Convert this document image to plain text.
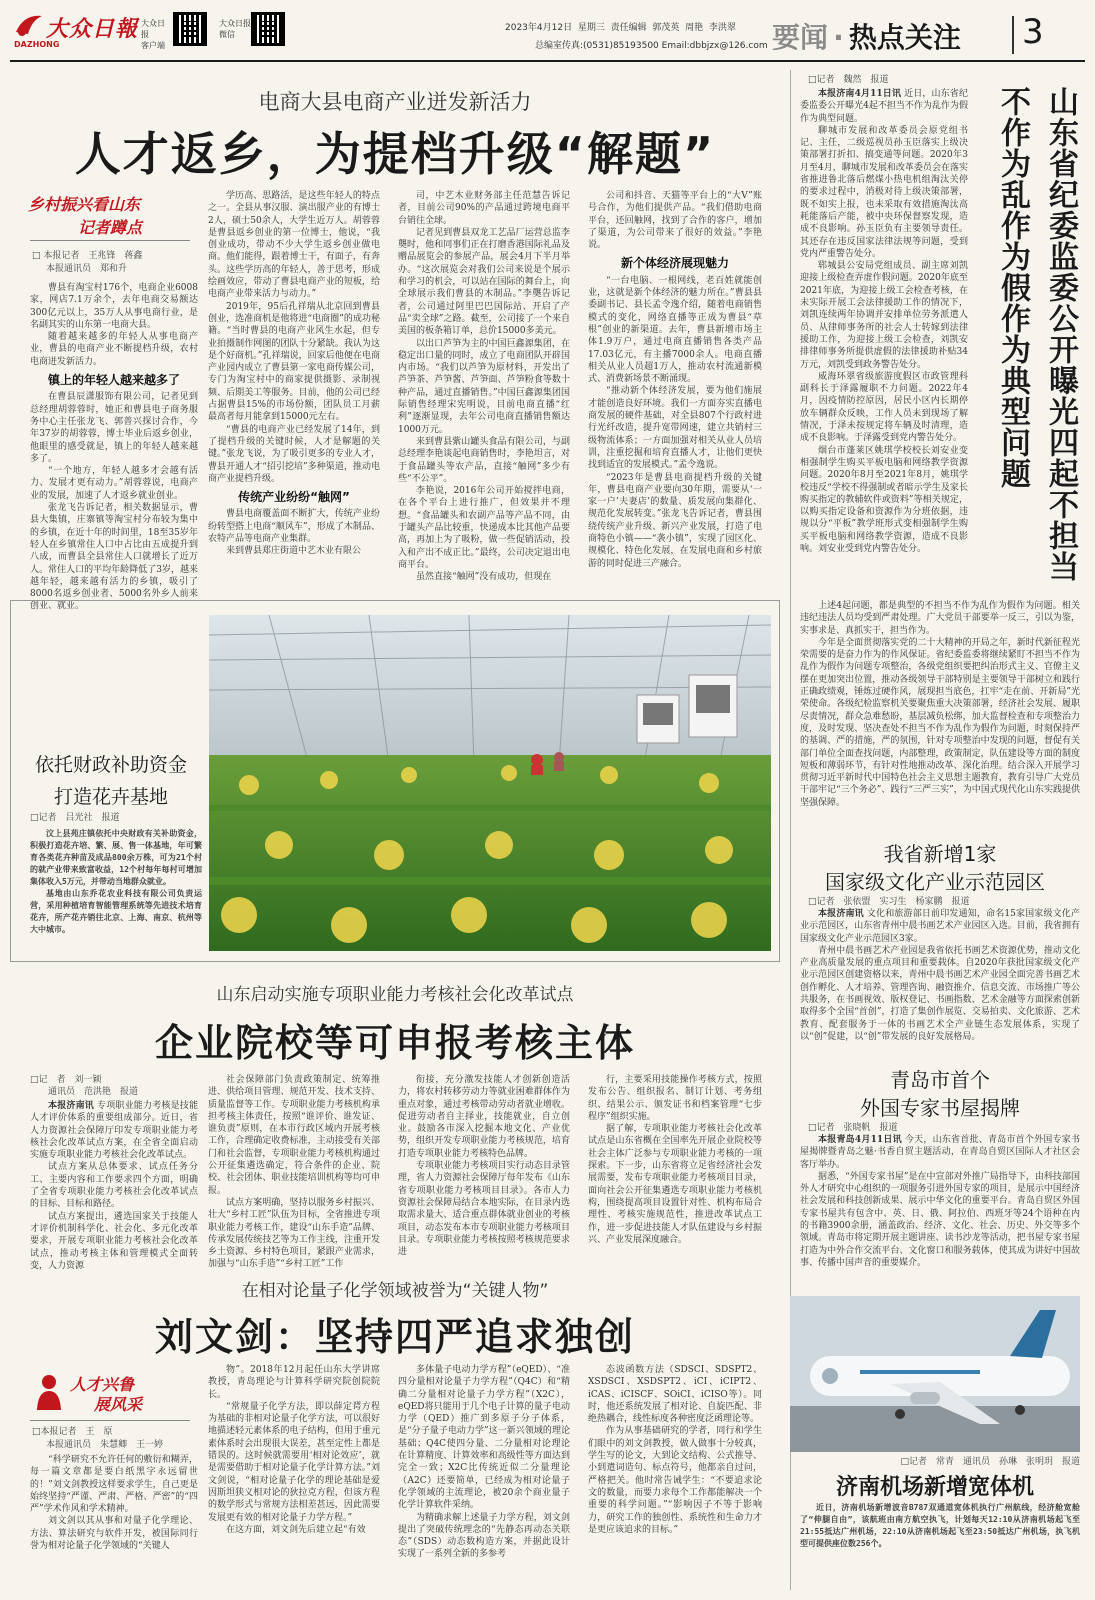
大众日報
DAZHONG
大众日报
客户端
大众日报
微信
2023年4月12日 星期三 责任编辑 郭茂英 周艳 李洪翠
总编室传真:(0531)85193500 Email:dbbjzx@126.com 要闻 · 热点关注 3
电商大县电商产业迸发新活力
人才返乡，为提档升级“解题”
乡村振兴看山东
记者蹲点
□ 本报记者　王兆锋　蒋鑫
本报通讯员　郑和升

曹县有淘宝村176个，电商企业6008家，网店7.1万余个，去年电商交易额达300亿元以上，35万人从事电商行业，是名副其实的山东第一电商大县。

随着越来越多的年轻人从事电商产业，曹县的电商产业不断提档升级，农村电商迸发新活力。

镇上的年轻人越来越多了

在曹县辰潇服饰有限公司，记者见到总经理胡蓉蓉时，她正和曹县电子商务服务中心主任张龙飞、郭普兴探讨合作，今年37岁的胡蓉蓉，博士毕业后返乡创业，他眼里的感受就是，镇上的年轻人越来越多了。

“一个地方，年轻人越多才会越有活力、发展才更有动力。”胡蓉蓉说，电商产业的发展，加速了人才返乡就业创业。

张龙飞告诉记者，相关数据显示，曹县大集镇，庄寨镇等淘宝村分布较为集中的乡镇，在近十年的时间里，18至35岁年轻人在乡镇常住人口中占比由五成提升到八成，而曹县全县常住人口就增长了近万人。常住人口的平均年龄降低了3岁，越来越年轻，越来越有活力的乡镇，吸引了8000名返乡创业者、5000名外乡人前来创业、就业。

学历高、思路活，是这些年轻人的特点之一。全县从事汉服、演出服产业的有博士2人，硕士50余人，大学生近万人。胡蓉蓉是曹县返乡创业的第一位博士，他说，“我创业成功，带动不少大学生返乡创业做电商。他们能得，跟着博士干，有面子，有奔头。这些学历高的年轻人，善于思考，形成绘画效应，带动了曹县电商产业的短板，给电商产业带来活力与动力。”

2019年，95后孔祥瑞从北京回到曹县创业，选准商机是他将进“电商圈”的成功秘籍。“当时曹县的电商产业风生水起，但专业拍摄制作网图的团队十分紧缺。我认为这是个好商机。”孔祥瑞说，回家后他便在电商产业园内成立了曹县第一家电商传媒公司，专门为淘宝村中的商家提供摄影、录制视频、后期美工等服务。目前，他的公司已经占据曹县15%的市场份额，团队员工月薪最高者每月能拿到15000元左右。

“曹县的电商产业已经发展了14年，到了提档升级的关键时候，人才是解题的关键。”张龙飞说，为了吸引更多的专业人才，曹县开通人才“招引挖培”多种渠道，推动电商产业提档升级。

传统产业纷纷“触网”

曹县电商覆盖面不断扩大，传统产业纷纷转型搭上电商“顺风车”，形成了木制品、农特产品等电商产业集群。

来到曹县郑庄街道中艺木业有限公

司，中艺木业财务部主任范慧告诉记者，目前公司90%的产品通过跨境电商平台销往全球。

记者见到曹县双龙工艺品厂运营总监李龑时，他和同事们正在打磨香港国际礼品及赠品展览会的参展产品，展会4月下半月举办。“这次展览会对我们公司来说是个展示和学习的机会，可以站在国际的舞台上，向全球展示我们曹县的木制品。”李龑告诉记者，公司通过阿里巴巴国际站、开启了产品“卖全球”之路。截至，公司接了一个来自美国的板条箱订单，总价15000多美元。

以出口芦笋为主的中国巨鑫源集团，在稳定出口量的同时，成立了电商团队开辟国内市场。“我们以芦笋为原材料，开发出了芦笋茶、芦笋酱、芦笋面、芦笋粉食等数十种产品，通过直播销售。”中国巨鑫源集团国际销售经理宋宪明说，目前电商直播“红利”逐渐显现，去年公司电商直播销售额达1000万元。

来到曹县紫山罐头食品有限公司，与副总经理李艳谈起电商销售时，李艳坦言，对于食品罐头等农产品，直接“触网”多少有些“不公平”。

李艳说，2016年公司开始搅拌电商，在各个平台上进行推广，但效果并不理想。“食品罐头和农副产品等产品不同，由于罐头产品比较重，快递成本比其他产品要高，再加上为了吸粉，做一些促销活动，投入和产出不成正比。”最终，公司决定退出电商平台。

虽然直接“触网”没有成功，但现在

公司和抖音、天猫等平台上的“大V”账号合作，为他们提供产品。“我们借助电商平台，还回触网，找到了合作的客户，增加了渠道，为公司带来了很好的效益。”李艳说。

新个体经济展现魅力

“一台电脑、一根网线，老百姓就能创业，这就是新个体经济的魅力所在。”曹县县委副书记、县长孟令逸介绍，随着电商销售模式的变化，网络直播等正成为曹县“草根”创业的新渠道。去年，曹县新增市场主体1.9万户，通过电商直播销售各类产品17.03亿元，有主播7000余人。电商直播相关从业人员超1万人，推动农村流通新模式、消费新场景不断涌现。

“推动新个体经济发展，要为他们施展才能创造良好环境。我们一方面夯实直播电商发展的硬件基础，对全县807个行政村进行光纤改造，提升宽带网速，建立共销村三级物流体系；一方面加强对相关从业人员培训，注重挖掘和培育直播人才，让他们更快找到适宜的发展模式。”孟令逸说。

“2023年是曹县电商提档升级的关键年，曹县电商产业要向30年期，需要从‘一家一户’夫妻店’的数量、质发展向集群化、规范化发展转变。”张龙飞告诉记者，曹县围绕传统产业升级、新兴产业发展，打造了电商特色小镇——“袭小镇”，实现了园区化、规模化、特色化发展，在发展电商和乡村旅游的同时促进三产融合。

依托财政补助资金
打造花卉基地
□记者　吕光社　报道

汶上县苑庄镇依托中央财政有关补助资金，积极打造花卉培、繁、展、售一体基地，年可繁育各类花卉种苗及成品800余万株，可为21个村的就产业带来致富收益，12个村每年每村可增加集体收入5万元，并带动当地群众就业。

基地由山东乔花农业科技有限公司负责运营，采用种植培育智能管理系统等先进技术培育花卉，所产花卉销往北京、上海、南京、杭州等大中城市。

山东启动实施专项职业能力考核社会化改革试点
企业院校等可申报考核主体
□记　者　刘一颖
通讯员　范洪艳　报道

本报济南讯 专项职业能力考核是技能人才评价体系的重要组成部分。近日，省人力资源社会保障厅印发专项职业能力考核社会化改革试点方案，在全省全面启动实施专项职业能力考核社会化改革试点。

试点方案从总体要求、试点任务分工、主要内容和工作要求四个方面，明确了全省专项职业能力考核社会化改革试点的目标、目标和路径。

试点方案提出，遴选国家关于技能人才评价机制科学化、社会化、多元化改革要求，开展专项职业能力考核社会化改革试点，推动考核主体和管理模式全面转变，人力资源

社会保障部门负责政策制定、统筹推进、供给项目管理、规范开发、技术支持、质量监督等工作。专项职业能力考核机构承担考核主体责任，按照“谁评价、谁发证、谁负责”原则，在本市行政区域内开展考核工作，合理确定收费标准，主动接受有关部门和社会监督，专项职业能力考核机构通过公开征集遴选确定，符合条件的企业、院校、社会团体、职业技能培训机构等均可申报。

试点方案明确，坚持以服务乡村振兴、壮大“乡村工匠”队伍为目标，全省推进专项职业能力考核工作，建设“山东手造”品牌、传承发展传统技艺等为工作主线，注重开发乡土资源、乡村特色项目，紧跟产业需求，加强与“山东手造”“乡村工匠”工作

衔接，充分激发技能人才创新创造活力，将农村转移劳动力等就业困难群体作为重点对象，通过考核带动劳动者就业增收。促进劳动者自主择业，技能就业，自立创业。鼓励各市深入挖掘本地文化、产业优势，组织开发专项职业能力考核规范，培育打造专项职业能力考核特色品牌。

专项职业能力考核项目实行动态目录管理，省人力资源社会保障厅每年发布《山东省专项职业能力考核项目目录》。各市人力资源社会保障局结合本地实际，在目录内选取需求量大、适合重点群体就业创业的考核项目，动态发布本市专项职业能力考核项目目录。专项职业能力考核按照考核规范要求进

行，主要采用技能操作考核方式，按照发布公告、组织报名、制订计划、考务组织、结果公示、颁发证书和档案管理“七步程序”组织实施。

据了解，专项职业能力考核社会化改革试点是山东省概在全国率先开展企业院校等社会主体广泛参与专项职业能力考核的一项探索。下一步，山东省将立足省经济社会发展需要，发布专项职业能力考核项目目录，面向社会公开征集遴选专项职业能力考核机构，围绕提高项目设置针对性、机构布局合理性、考核实施规范性，推进改革试点工作，进一步促进技能人才队伍建设与乡村振兴、产业发展深度融合。

在相对论量子化学领域被誉为“关键人物”
刘文剑：坚持四严追求独创
人才兴鲁
展风采
□本报记者　王　原
本报通讯员　朱慧卿　王一婷

“科学研究不允许任何的敷衍和糊弄，每一篇文章都是要白纸黑字永远留世的！”刘文剑教授这样要求学生，自己更是始终坚持“严谨、严肃、严格、严密”的“四严”学术作风和学术精神。

刘文剑以其从事和对量子化学理论、方法、算法研究与软件开发，被国际同行誉为相对论量子化学领域的“关键人

物”。2018年12月起任山东大学讲席教授，青岛理论与计算科学研究院创院院长。

“常规量子化学方法，即以薛定谔方程为基础的非相对论量子化学方法，可以很好地描述轻元素体系的电子结构，但用于重元素体系时会出现很大误差，甚至定性上都是错误的。这时候就需要用‘相对论效应’，就是需要借助于相对论量子化学计算方法。”刘文剑说，“相对论量子化学的理论基础是爱因斯坦狭义相对论的狄拉克方程，但该方程的数学形式与常规方法相差甚远，因此需要发展更有效的相对论量子力学方程。”

在这方面，刘文剑先后建立起“有效

多体量子电动力学方程”（eQED）、“准四分量相对论量子力学方程”（Q4C）和“精确二分量相对论量子力学方程”（X2C），eQED将只能用于几个电子计算的量子电动力学（QED）推广到多原子分子体系，是“分子量子电动力学”这一新兴领域的理论基础；Q4C使四分量、二分量相对论理论在计算精度、计算效率和高级性等方面达到完全一致；X2C比传统近似二分量理论（A2C）还要简单，已经成为相对论量子化学领域的主流理论，被20余个商业量子化学计算软件采纳。

为精确求解上述量子力学方程，刘文剑提出了突破传统理念的“先静态再动态关联态”（SDS）动态数构造方案，并据此设计实现了一系列全新的多参考

态波函数方法（SDSCI、SDSPT2、XSDSCI、XSDSPT2、iCI、iCIPT2、iCAS、iCISCF、SOiCI、iCISO等）。同时，他还系统发展了相对论、自旋匹配、非绝热耦合，线性标度各种密度泛函理论等。

作为从事基础研究的学者，同行和学生们眼中的刘文剑教授，做人做事十分较真，学生写的论文，大到论文结构、公式推导、小到遣词造句、标点符号，他都亲自过问，严格把关。他时常告诫学生：“不要追求论文的数量，而要力求每个工作都能解决一个重要的科学问题。”“影响因子不等于影响力，研究工作的独创性、系统性和生命力才是更应该追求的目标。”

□记者　魏然　报道
山东省纪委监委公开曝光四起不担当不作为乱作为假作为典型问题

本报济南4月11日讯 近日，山东省纪委监委公开曝光4起不担当不作为乱作为假作为典型问题。

聊城市发展和改革委员会原党组书记、主任，二级巡视员孙玉臣落实上级决策部署打折扣、搞变通等问题。2020年3月至4月，聊城市发展和改革委员会在落实省推进鲁北落后燃煤小热电机组淘汰关停的要求过程中，消极对待上级决策部署，既不如实上报，也未采取有效措施淘汰高耗能落后产能，被中央环保督察发现，造成不良影响。孙玉臣负有主要领导责任。其还存在违反国家法律法规等问题，受到党内严重警告处分。

郓城县公安局党组成员、副主席刘凯迎接上级检查弄虚作假问题。2020年底至2021年底，为迎接上级工会检查考核，在未实际开展工会法律援助工作的情况下，刘凯连续两年协调并安排单位劳务派遣人员、从律师事务所的社会人士转嫁到法律援助工作，为迎接上级工会检查，刘凯安排律师事务所提供虚假的法律援助补贴34万元，刘凯受到政务警告处分。

威海环翠省级旅游度假区市政管理科副科长于泽露履职不力问题。2022年4月，因疫情防控原因，居民小区内长期停放车辆群众反映，工作人员未到现场了解情况，于泽未按规定将车辆及时清理，造成不良影响。于泽露受到党内警告处分。

烟台市蓬莱区姚琪学校校长刘安业变相强制学生购买平板电脑和网络教学资源问题。2020年8月至2021年8月，姚琪学校违反“学校不得强制或者暗示学生及家长购买指定的教辅软件或资料”等相关规定，以购买指定设备和资源作为分班依据，违规以分“平板”教学班形式变相强制学生购买平板电脑和网络教学资源，造成不良影响。刘安业受到党内警告处分。

上述4起问题，都是典型的不担当不作为乱作为假作为问题。相关违纪违法人员均受到严肃处理。广大党员干部要举一反三，引以为鉴，实事求是、真抓实干，担当作为。

今年是全面贯彻落实党的二十大精神的开局之年，新时代新征程光荣需要的是奋力作为的作风保证。省纪委监委将继续紧盯不担当不作为乱作为假作为问题专项整治，各级党组织要把纠治形式主义、官僚主义摆在更加突出位置，推动各级领导干部特别是主要领导干部树立和践行正确政绩观，锤炼过硬作风，展现担当底色，扛牢“走在前、开新局”光荣使命。各级纪检监察机关要聚焦重大决策部署，经济社会发展、履职尽责情况，群众急难愁盼，基层减负松绑，加大监督检查和专项整治力度，及时发现、坚决查处不担当不作为乱作为假作为问题，时刻保持严的基调、严的措施，严的氛围，针对专项整治中发现的问题，督促有关部门单位全面查找问题，内部整理，政策制定，队伍建设等方面的制度短板和薄弱环节，有针对性地推动改革、深化治理。结合深入开展学习贯彻习近平新时代中国特色社会主义思想主题教育，教育引导广大党员干部牢记“三个务必”、践行“三严三实”，为中国式现代化山东实践提供坚强保障。

我省新增1家
国家级文化产业示范园区
□记者　张依盟　实习生　杨家鹏　报道

本报济南讯 文化和旅游部日前印发通知，命名15家国家级文化产业示范园区，山东省青州中晨书画艺术产业园区入选。目前，我省拥有国家级文化产业示范园区3家。

青州中晨书画艺术产业园是我省依托书画艺术资源优势，推动文化产业高质量发展的重点项目和重要载体。自2020年获批国家级文化产业示范园区创建资格以来，青州中晨书画艺术产业园全面完善书画艺术创作孵化、人才培养、管理咨询、融资推介、信息交流、市场推广等公共服务，在书画视效、版权登记、书画指数、艺术金融等方面探索创新取得多个全国“首创”，打造了集创作展览、交易拍卖、文化旅游、艺术教育、配套服务于一体的书画艺术全产业链生态发展体系，实现了以“创”促建，以“创”带发展的良好发展格局。

青岛市首个
外国专家书屋揭牌
□记者　张晓帆　报道

本报青岛4月11日讯 今天，山东省首批、青岛市首个外国专家书屋揭牌暨青岛之魅·书香自贸主题活动，在青岛自贸区国际人才社区会客厅举办。

据悉，“外国专家书屋”是在中宣部对外推广局指导下，由科技部国外人才研究中心组织的一项服务引进外国专家的项目，是展示中国经济社会发展和科技创新成果、展示中华文化的重要平台。青岛自贸区外国专家书屋共有包含中、英、日、俄、阿拉伯、西班牙等24个语种在内的书籍3900余册，涵盖政治、经济、文化、社会、历史、外交等多个领域。青岛市将定期开展主题讲座、读书沙龙等活动，把书屋专家书屋打造为中外合作交流平台、文化窗口和服务载体，使其成为讲好中国故事、传播中国声音的重要媒介。

□记者　常青　通讯员　孙琳　张明玥　报道
济南机场新增宽体机

近日，济南机场新增波音B787双通道宽体机执行广州航线，经济舱宽舱了“伸腿自由”，该航班由南方航空执飞，计划每天12:10从济南机场起飞至21:55抵达广州机场，22:10从济南机场起飞至23:50抵达广州机场，执飞机型可提供座位数256个。
